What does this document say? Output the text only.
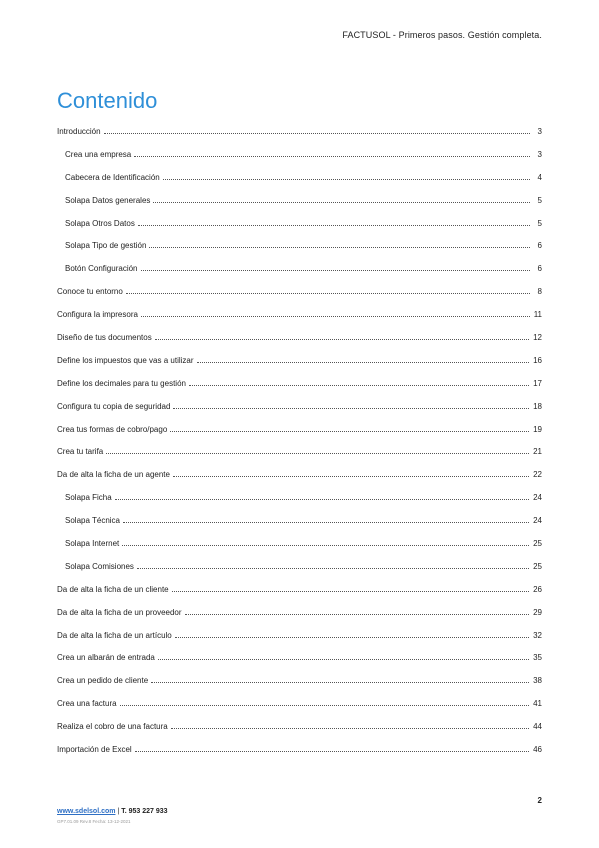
FACTUSOL - Primeros pasos. Gestión completa.
Contenido
Introducción	3
Crea una empresa	3
Cabecera de Identificación	4
Solapa Datos generales	5
Solapa Otros Datos	5
Solapa Tipo de gestión	6
Botón Configuración	6
Conoce tu entorno	8
Configura la impresora	11
Diseño de tus documentos	12
Define los impuestos que vas a utilizar	16
Define los decimales para tu gestión	17
Configura tu copia de seguridad	18
Crea tus formas de cobro/pago	19
Crea tu tarifa	21
Da de alta la ficha de un agente	22
Solapa Ficha	24
Solapa Técnica	24
Solapa Internet	25
Solapa Comisiones	25
Da de alta la ficha de un cliente	26
Da de alta la ficha de un proveedor	29
Da de alta la ficha de un artículo	32
Crea un albarán de entrada	35
Crea un pedido de cliente	38
Crea una factura	41
Realiza el cobro de una factura	44
Importación de Excel	46
2
www.sdelsol.com | T. 953 227 933
GP7.01.09 Rev.8 Fecha: 13-12-2021
